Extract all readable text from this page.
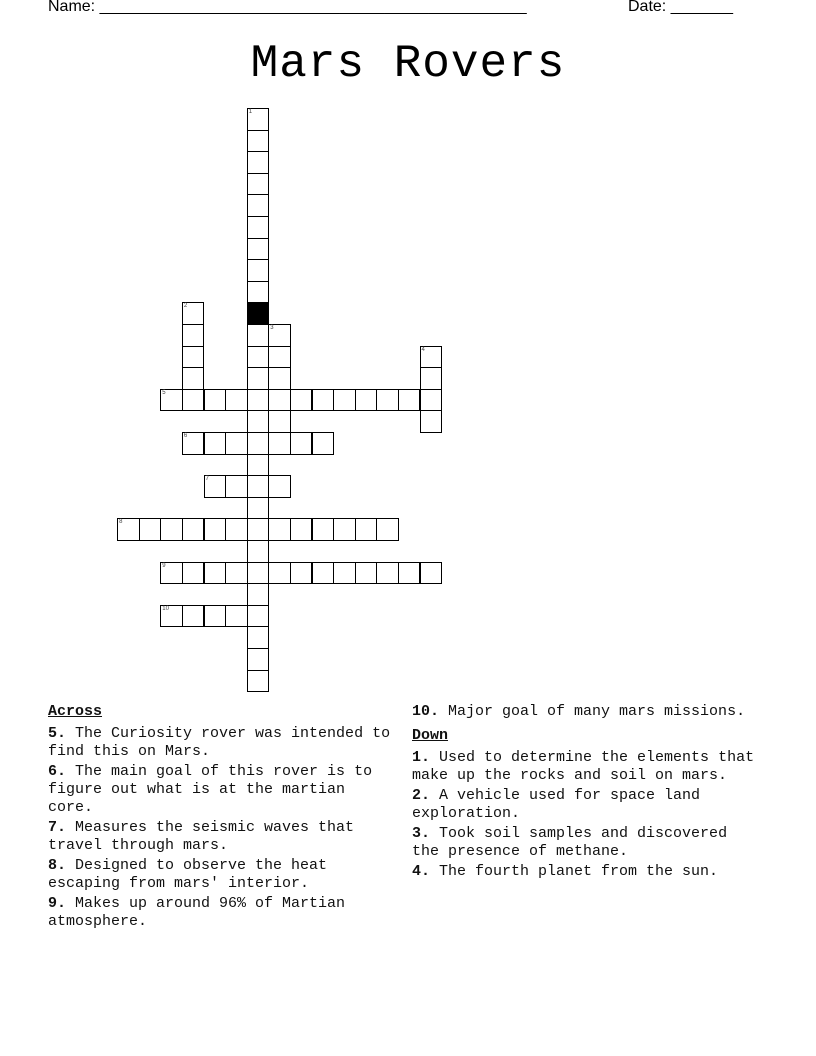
Name: ________________________________________________	Date: _______
Mars Rovers
1
2
3
4
5
6
7
8
9
10
Across
5. The Curiosity rover was intended to find this on Mars.
6. The main goal of this rover is to figure out what is at the martian core.
7. Measures the seismic waves that travel through mars.
8. Designed to observe the heat escaping from mars' interior.
9. Makes up around 96% of Martian atmosphere.
10. Major goal of many mars missions.
Down
1. Used to determine the elements that make up the rocks and soil on mars.
2. A vehicle used for space land exploration.
3. Took soil samples and discovered the presence of methane.
4. The fourth planet from the sun.
